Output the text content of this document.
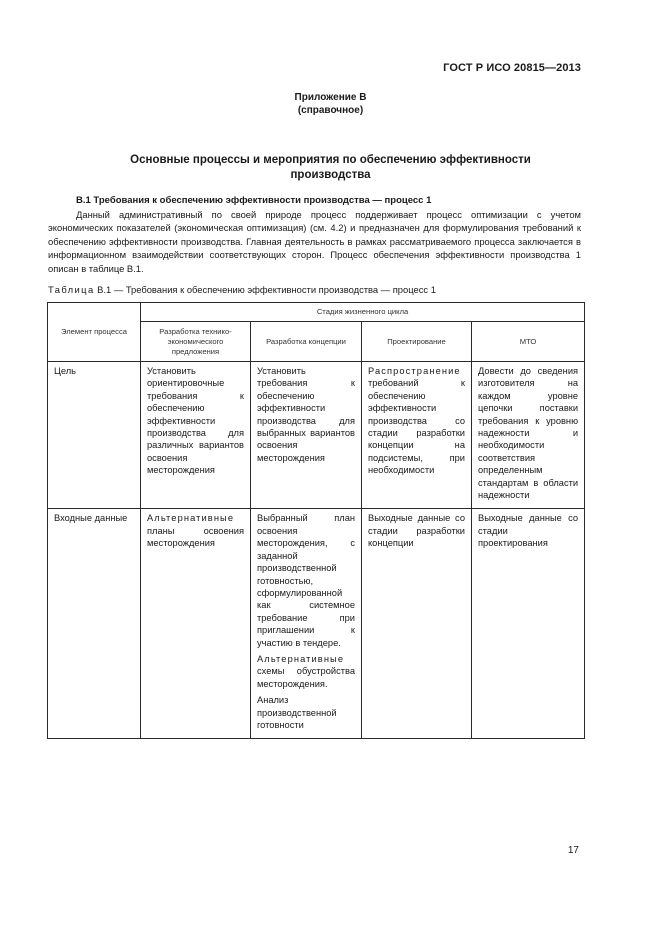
ГОСТ Р ИСО 20815—2013
Приложение В
(справочное)
Основные процессы и мероприятия по обеспечению эффективности
производства
В.1 Требования к обеспечению эффективности производства — процесс 1

Данный административный по своей природе процесс поддерживает процесс оптимизации с учетом экономических показателей (экономическая оптимизация) (см. 4.2) и предназначен для формулирования требований к обеспечению эффективности производства. Главная деятельность в рамках рассматриваемого процесса заключается в информационном взаимодействии соответствующих сторон. Процесс обеспечения эффективности производства 1 описан в таблице В.1.

Таблица В.1 — Требования к обеспечению эффективности производства — процесс 1
Элемент процесса	Стадия жизненного цикла			
	Разработка технико-экономического предложения	Разработка концепции	Проектирование	МТО
Цель	Установить ориентировочные требования к обеспечению эффективности производства для различных вариантов освоения месторождения	Установить требования к обеспечению эффективности производства для выбранных вариантов освоения месторождения	Распространение требований к обеспечению эффективности производства со стадии разработки концепции на подсистемы, при необходимости	Довести до сведения изготовителя на каждом уровне цепочки поставки требования к уровню надежности и необходимости соответствия определенным стандартам в области надежности

Входные данные	Альтернативные планы освоения месторождения	Выбранный план освоения месторождения, с заданной производственной готовностью, сформулированной как системное требование при приглашении к участию в тендере.

Альтернативные схемы обустройства месторождения.

Анализ производственной готовности	Выходные данные со стадии разработки концепции	Выходные данные со стадии проектирования

17
